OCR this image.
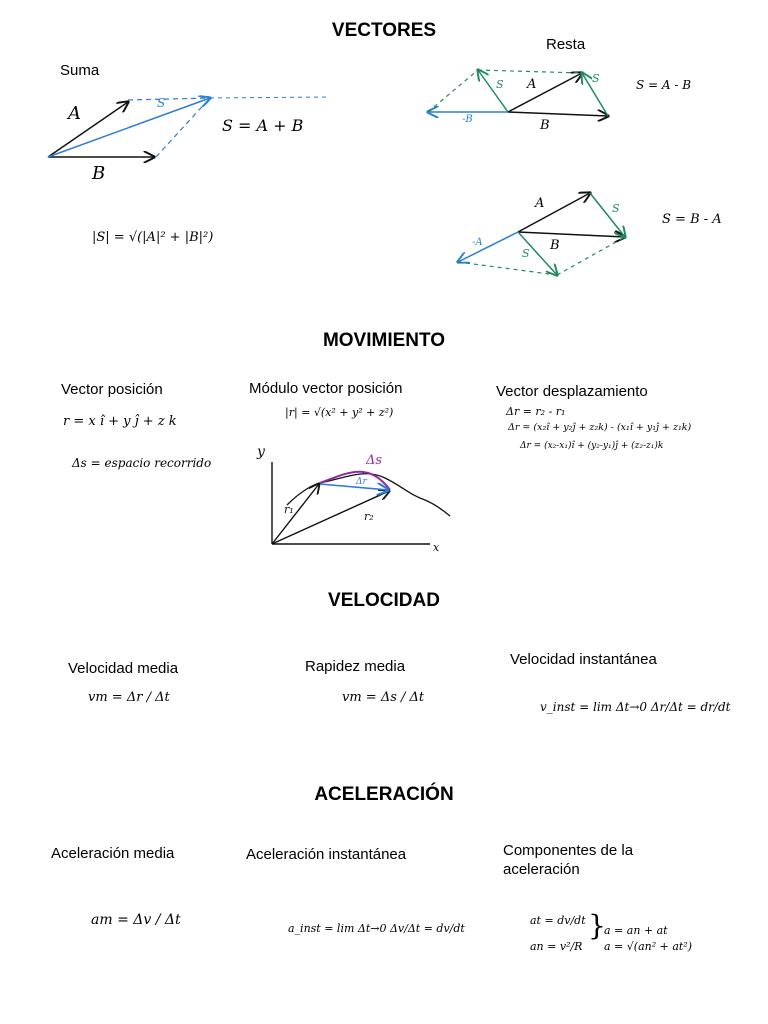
VECTORES
MOVIMIENTO
VELOCIDAD
ACELERACIÓN
Suma
Resta
y
x
r₁
r₂
Δs
Δr
A
B
S
S = A + B
|S| = √(|A|² + |B|²)
A
B
S	S
-B
S = A - B
A
B
S
S
-A
S = B - A
Vector posición
r = x î + y ĵ + z k
Δs = espacio recorrido
Módulo vector posición
|r| = √(x² + y² + z²)
Vector desplazamiento
Δr = r₂ - r₁
Δr = (x₂î + y₂ĵ + z₂k) - (x₁î + y₁ĵ + z₁k)
Δr = (x₂-x₁)î + (y₂-y₁)ĵ + (z₂-z₁)k
Velocidad media
vm = Δr / Δt
Rapidez media
vm = Δs / Δt
Velocidad instantánea
v_inst = lim Δt→0 Δr/Δt = dr/dt
Aceleración media
am = Δv / Δt
Aceleración instantánea
a_inst = lim Δt→0 Δv/Δt = dv/dt
Componentes de la
aceleración
at = dv/dt
an = v²/R
}
a = an + at
a = √(an² + at²)
